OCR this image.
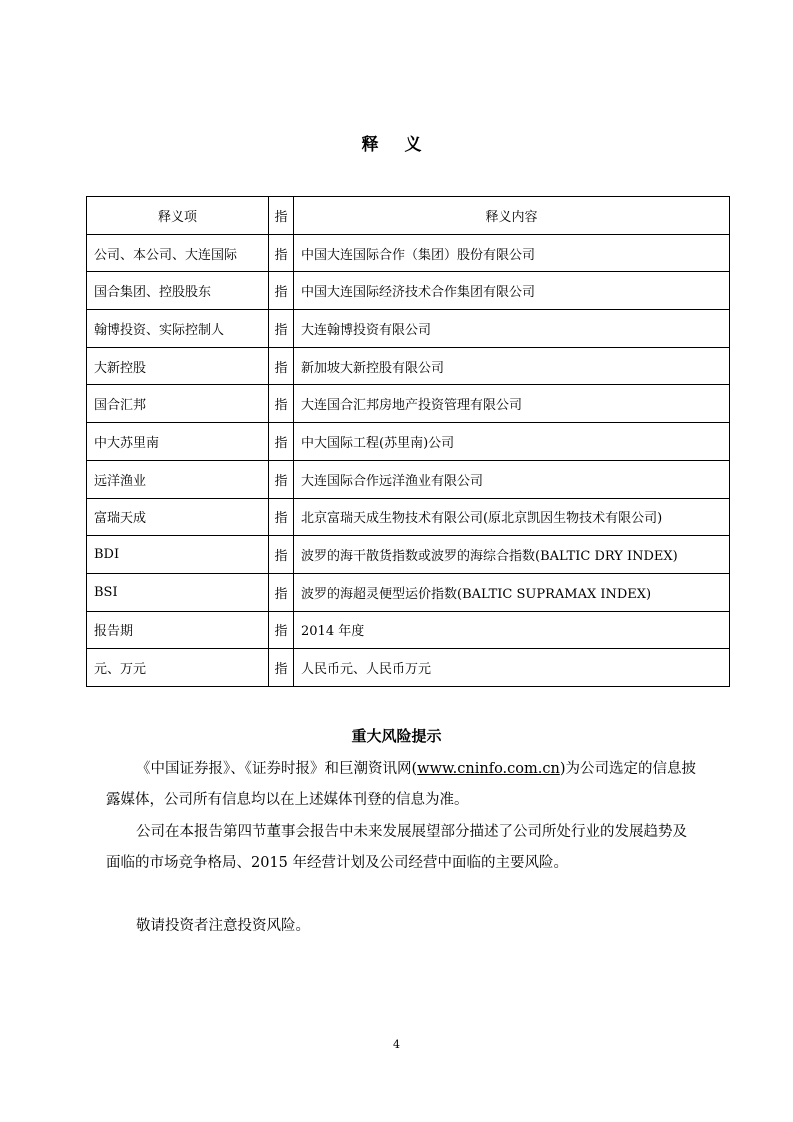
释 义
释义项	指	释义内容
公司、本公司、大连国际	指	中国大连国际合作（集团）股份有限公司
国合集团、控股股东	指	中国大连国际经济技术合作集团有限公司
翰博投资、实际控制人	指	大连翰博投资有限公司
大新控股	指	新加坡大新控股有限公司
国合汇邦	指	大连国合汇邦房地产投资管理有限公司
中大苏里南	指	中大国际工程(苏里南)公司
远洋渔业	指	大连国际合作远洋渔业有限公司
富瑞天成	指	北京富瑞天成生物技术有限公司(原北京凯因生物技术有限公司)
BDI	指	波罗的海干散货指数或波罗的海综合指数(BALTIC DRY INDEX)
BSI	指	波罗的海超灵便型运价指数(BALTIC SUPRAMAX INDEX)
报告期	指	2014 年度
元、万元	指	人民币元、人民币万元
重大风险提示

《中国证券报》、《证券时报》和巨潮资讯网(www.cninfo.com.cn)为公司选定的信息披露媒体，公司所有信息均以在上述媒体刊登的信息为准。

公司在本报告第四节董事会报告中未来发展展望部分描述了公司所处行业的发展趋势及面临的市场竞争格局、2015 年经营计划及公司经营中面临的主要风险。

敬请投资者注意投资风险。

4
